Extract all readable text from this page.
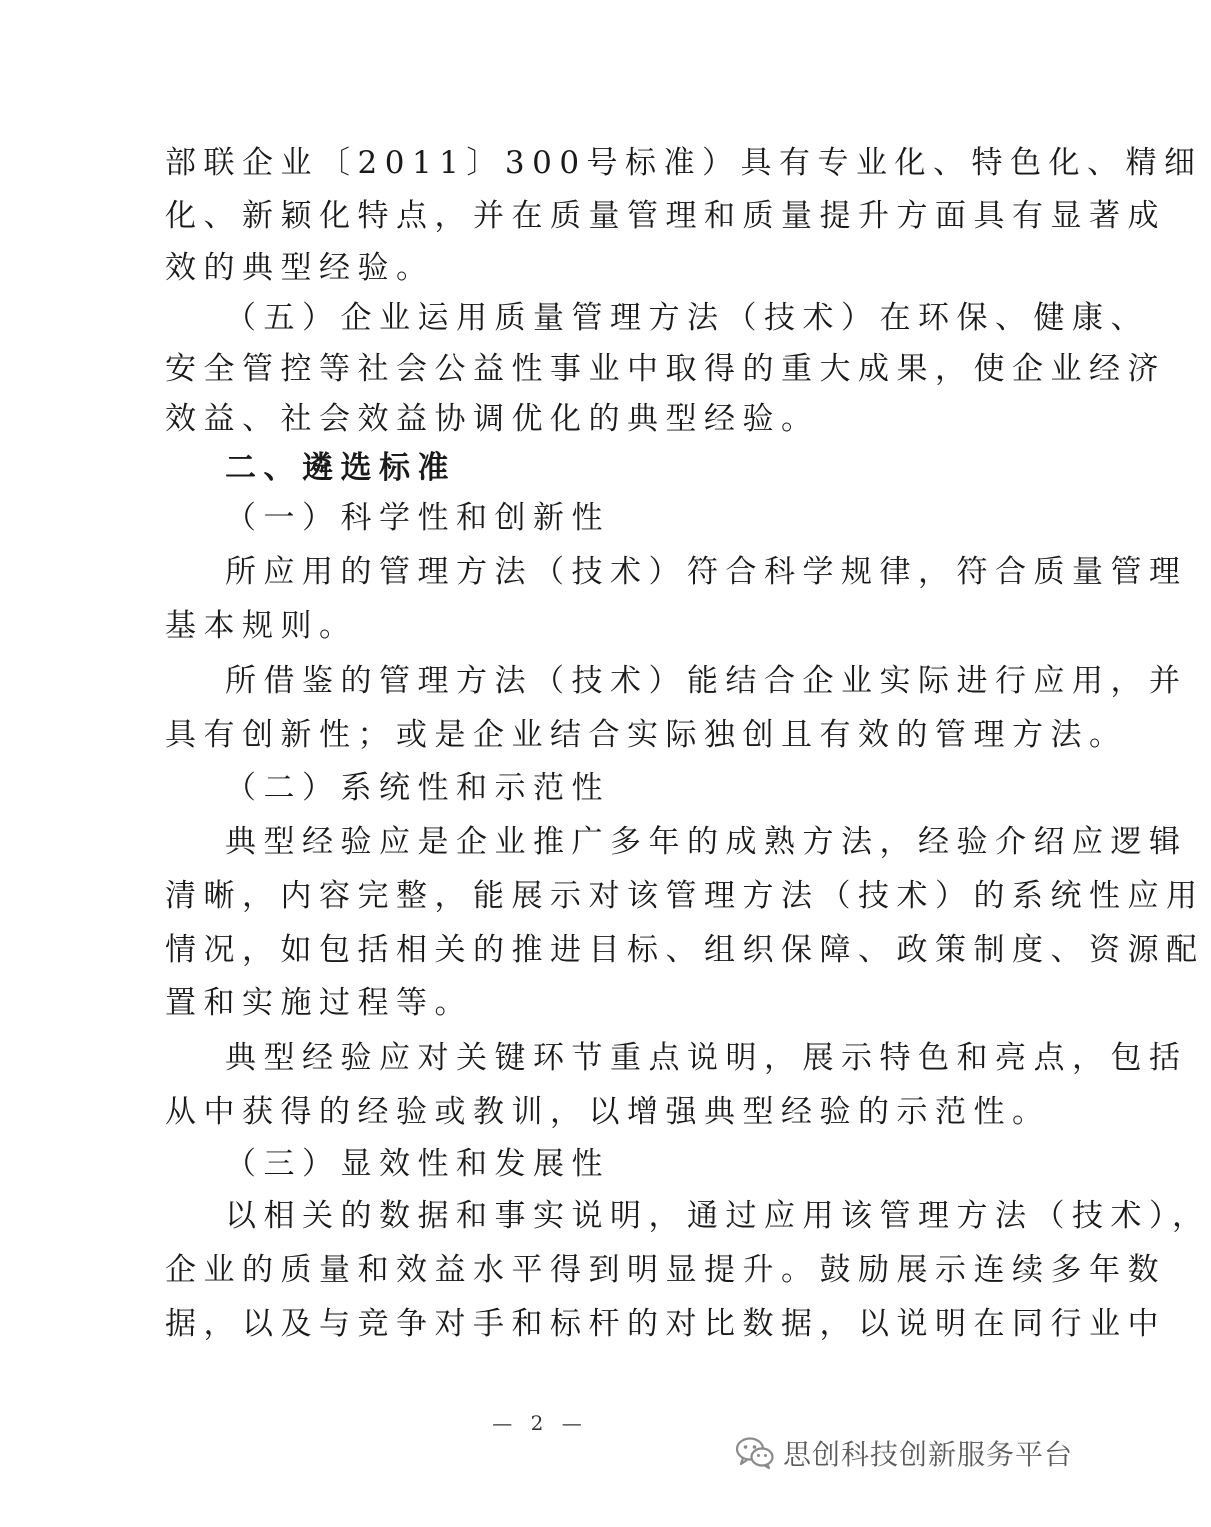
部联企业〔2011〕300号标准）具有专业化、特色化、精细
化、新颖化特点，并在质量管理和质量提升方面具有显著成
效的典型经验。
（五）企业运用质量管理方法（技术）在环保、健康、
安全管控等社会公益性事业中取得的重大成果，使企业经济
效益、社会效益协调优化的典型经验。
二、遴选标准
（一）科学性和创新性
所应用的管理方法（技术）符合科学规律，符合质量管理
基本规则。
所借鉴的管理方法（技术）能结合企业实际进行应用，并
具有创新性；或是企业结合实际独创且有效的管理方法。
（二）系统性和示范性
典型经验应是企业推广多年的成熟方法，经验介绍应逻辑
清晰，内容完整，能展示对该管理方法（技术）的系统性应用
情况，如包括相关的推进目标、组织保障、政策制度、资源配
置和实施过程等。
典型经验应对关键环节重点说明，展示特色和亮点，包括
从中获得的经验或教训，以增强典型经验的示范性。
（三）显效性和发展性
以相关的数据和事实说明，通过应用该管理方法（技术），
企业的质量和效益水平得到明显提升。鼓励展示连续多年数
据，以及与竞争对手和标杆的对比数据，以说明在同行业中
— 2 —
思创科技创新服务平台
